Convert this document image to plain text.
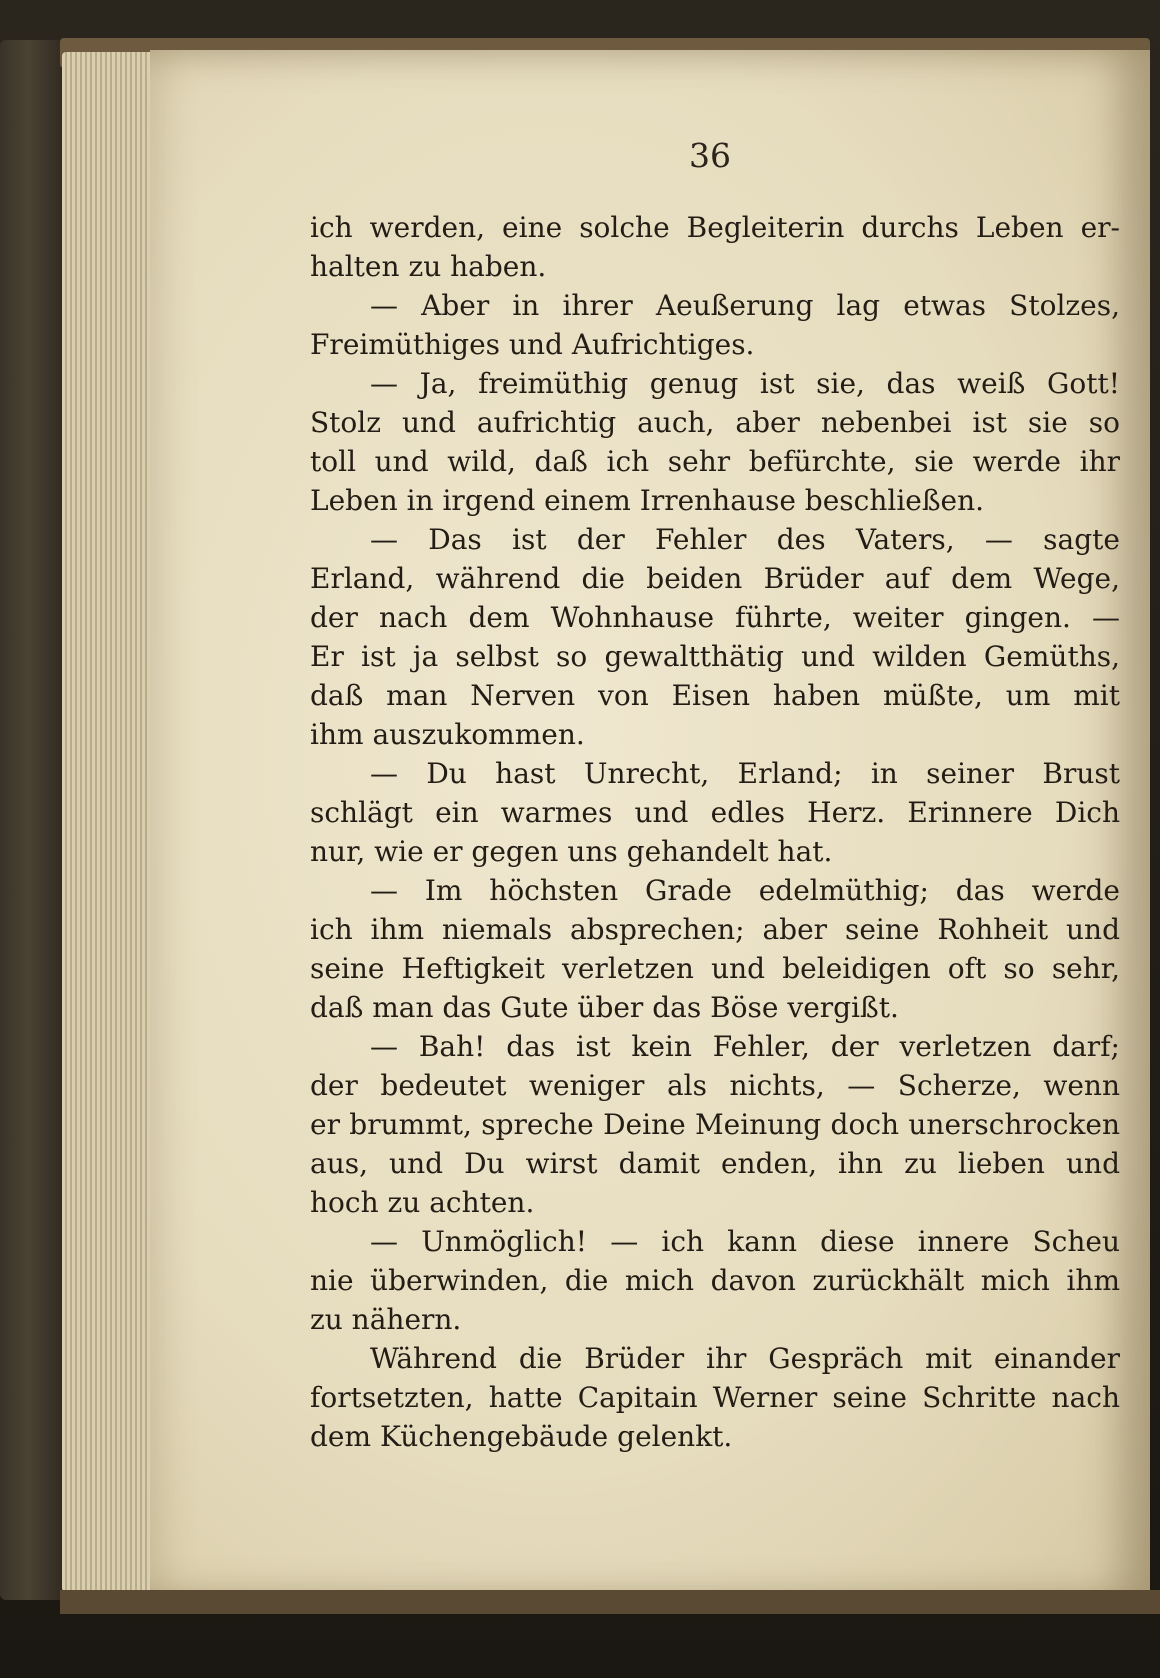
36
ich werden, eine solche Begleiterin durchs Leben er-
halten zu haben.
— Aber in ihrer Aeußerung lag etwas Stolzes,
Freimüthiges und Aufrichtiges.
— Ja, freimüthig genug ist sie, das weiß Gott!
Stolz und aufrichtig auch, aber nebenbei ist sie so
toll und wild, daß ich sehr befürchte, sie werde ihr
Leben in irgend einem Irrenhause beschließen.
— Das ist der Fehler des Vaters, — sagte
Erland, während die beiden Brüder auf dem Wege,
der nach dem Wohnhause führte, weiter gingen. —
Er ist ja selbst so gewaltthätig und wilden Gemüths,
daß man Nerven von Eisen haben müßte, um mit
ihm auszukommen.
— Du hast Unrecht, Erland; in seiner Brust
schlägt ein warmes und edles Herz. Erinnere Dich
nur, wie er gegen uns gehandelt hat.
— Im höchsten Grade edelmüthig; das werde
ich ihm niemals absprechen; aber seine Rohheit und
seine Heftigkeit verletzen und beleidigen oft so sehr,
daß man das Gute über das Böse vergißt.
— Bah! das ist kein Fehler, der verletzen darf;
der bedeutet weniger als nichts, — Scherze, wenn
er brummt, spreche Deine Meinung doch unerschrocken
aus, und Du wirst damit enden, ihn zu lieben und
hoch zu achten.
— Unmöglich! — ich kann diese innere Scheu
nie überwinden, die mich davon zurückhält mich ihm
zu nähern.
Während die Brüder ihr Gespräch mit einander
fortsetzten, hatte Capitain Werner seine Schritte nach
dem Küchengebäude gelenkt.
